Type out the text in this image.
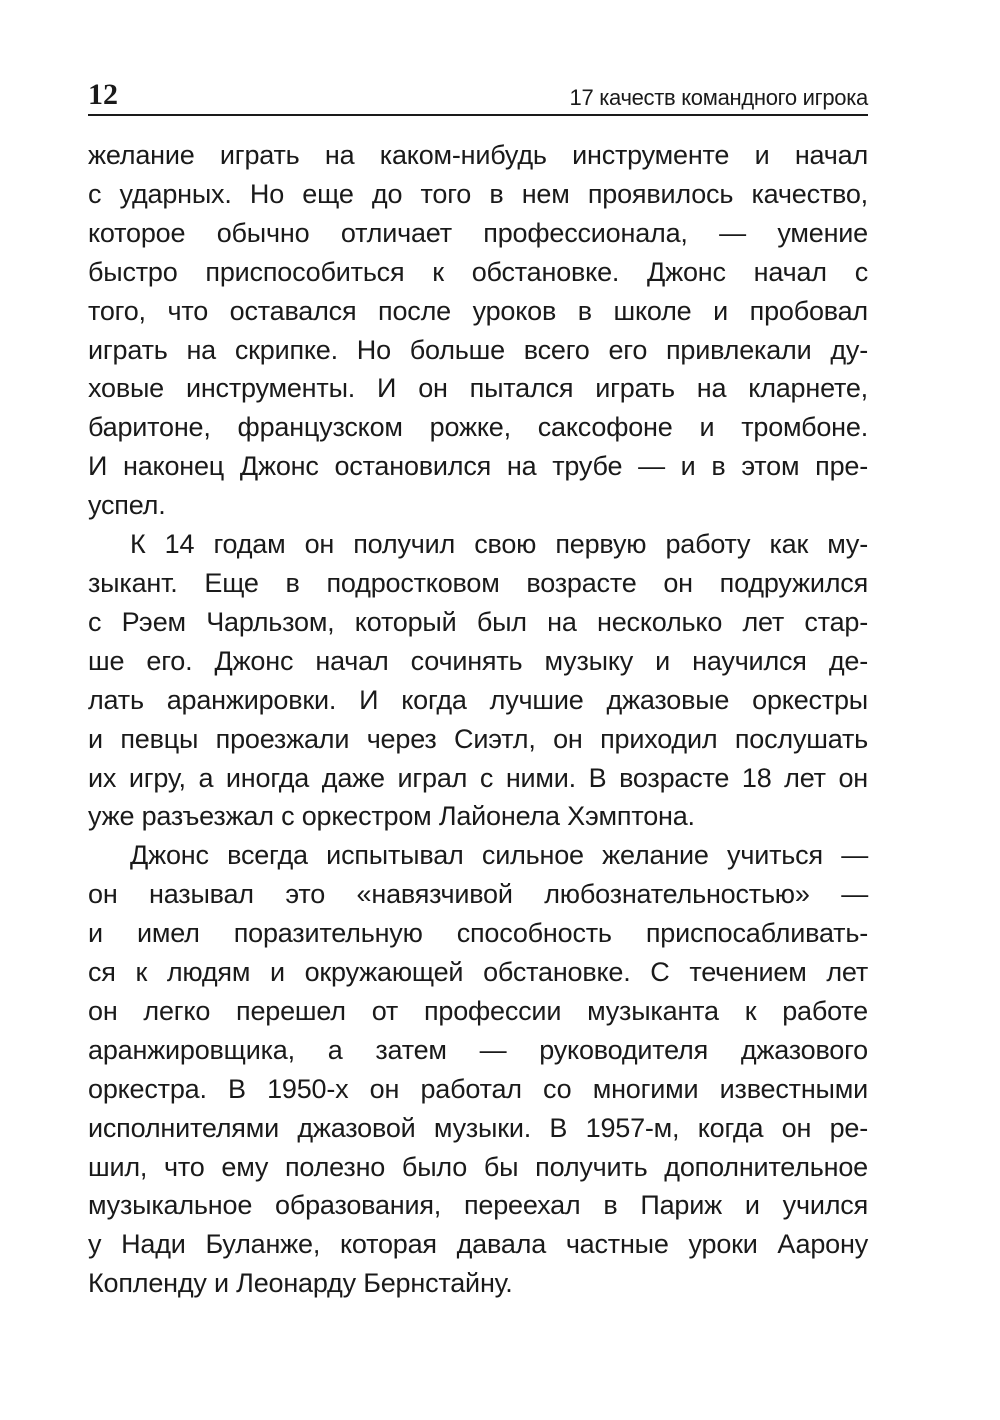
12	17 качеств командного игрока

желание играть на каком-нибудь инструменте и начал
с ударных. Но еще до того в нем проявилось качество,
которое обычно отличает профессионала, — умение
быстро приспособиться к обстановке. Джонс начал с
того, что оставался после уроков в школе и пробовал
играть на скрипке. Но больше всего его привлекали ду-
ховые инструменты. И он пытался играть на кларнете,
баритоне, французском рожке, саксофоне и тромбоне.
И наконец Джонс остановился на трубе — и в этом пре-
успел.

К 14 годам он получил свою первую работу как му-
зыкант. Еще в подростковом возрасте он подружился
с Рэем Чарльзом, который был на несколько лет стар-
ше его. Джонс начал сочинять музыку и научился де-
лать аранжировки. И когда лучшие джазовые оркестры
и певцы проезжали через Сиэтл, он приходил послушать
их игру, а иногда даже играл с ними. В возрасте 18 лет он
уже разъезжал с оркестром Лайонела Хэмптона.

Джонс всегда испытывал сильное желание учиться —
он называл это «навязчивой любознательностью» —
и имел поразительную способность приспосабливать-
ся к людям и окружающей обстановке. С течением лет
он легко перешел от профессии музыканта к работе
аранжировщика, а затем — руководителя джазового
оркестра. В 1950-х он работал со многими известными
исполнителями джазовой музыки. В 1957-м, когда он ре-
шил, что ему полезно было бы получить дополнительное
музыкальное образования, переехал в Париж и учился
у Нади Буланже, которая давала частные уроки Аарону
Копленду и Леонарду Бернстайну.
